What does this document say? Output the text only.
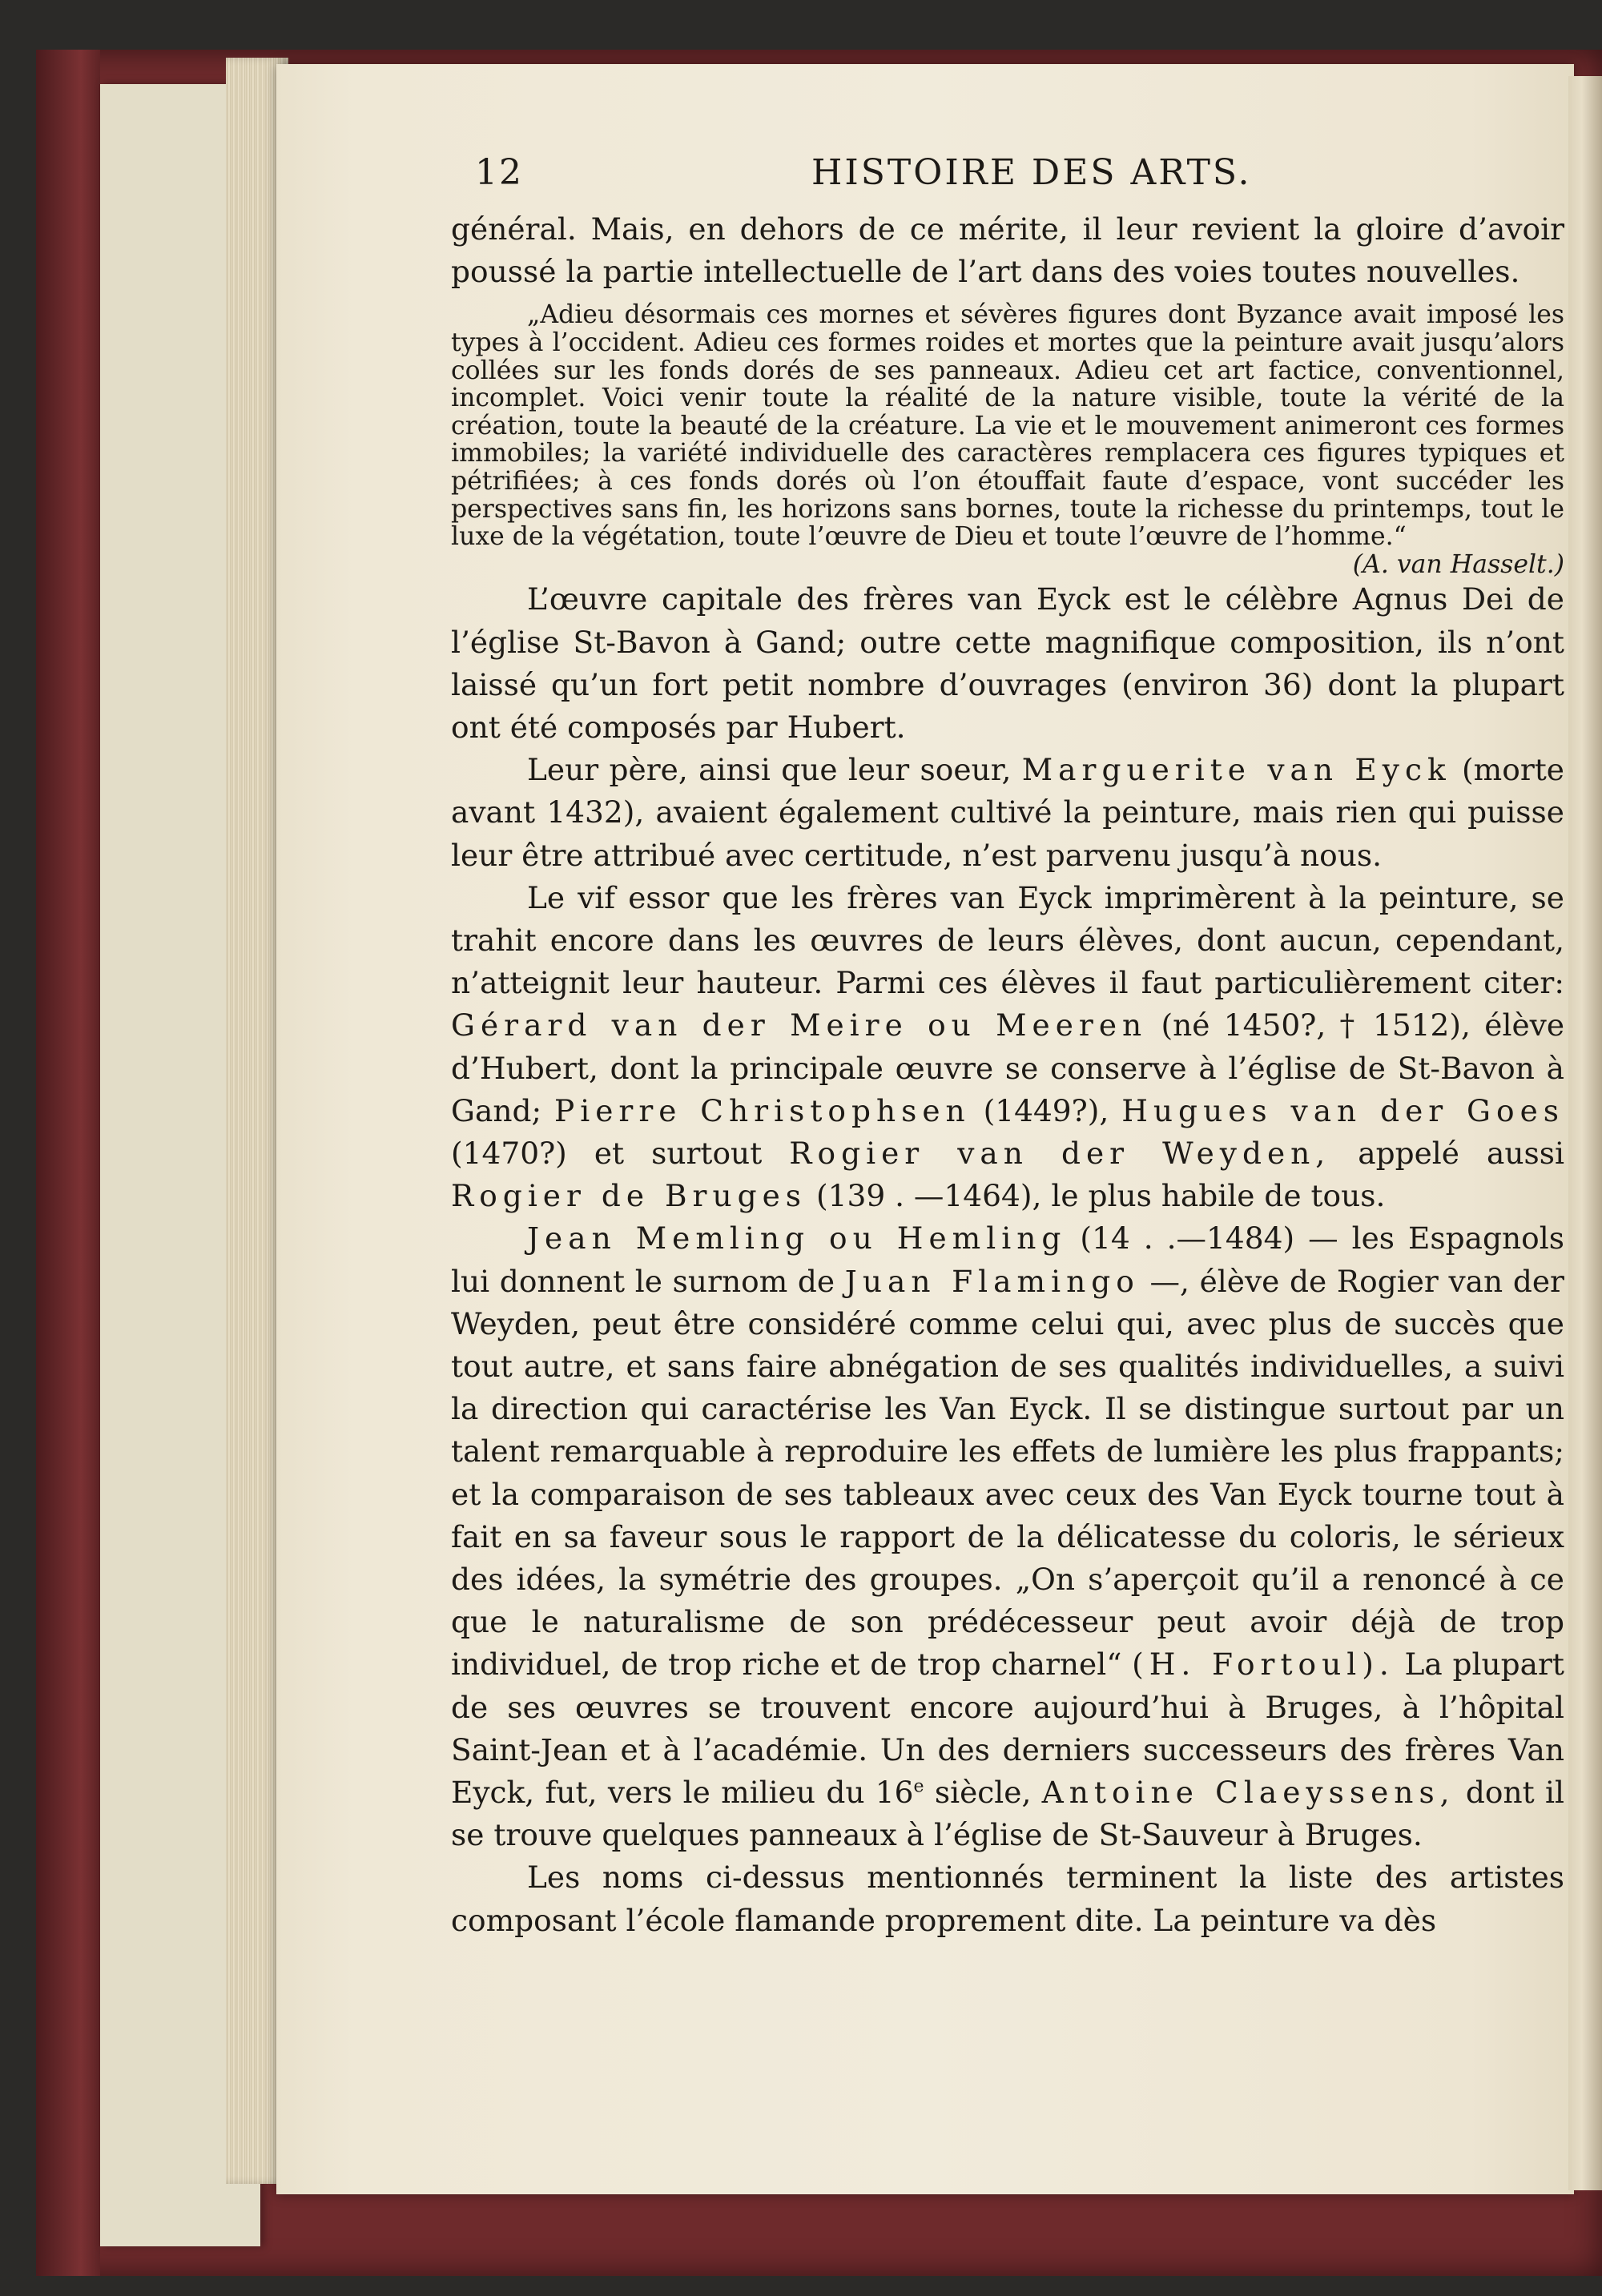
12	HISTOIRE DES ARTS.

général. Mais, en dehors de ce mérite, il leur revient la gloire d’avoir poussé la partie intellectuelle de l’art dans des voies toutes nouvelles.

„Adieu désormais ces mornes et sévères figures dont Byzance avait imposé les types à l’occident. Adieu ces formes roides et mortes que la peinture avait jusqu’alors collées sur les fonds dorés de ses panneaux. Adieu cet art factice, conventionnel, incomplet. Voici venir toute la réalité de la nature visible, toute la vérité de la création, toute la beauté de la créature. La vie et le mouvement animeront ces formes immobiles; la variété individuelle des caractères remplacera ces figures typiques et pétrifiées; à ces fonds dorés où l’on étouffait faute d’espace, vont succéder les perspectives sans fin, les horizons sans bornes, toute la richesse du printemps, tout le luxe de la végétation, toute l’œuvre de Dieu et toute l’œuvre de l’homme.“

(A. van Hasselt.)

L’œuvre capitale des frères van Eyck est le célèbre Agnus Dei de l’église St-Bavon à Gand; outre cette magnifique composition, ils n’ont laissé qu’un fort petit nombre d’ouvrages (environ 36) dont la plupart ont été composés par Hubert.

Leur père, ainsi que leur soeur, Marguerite van Eyck (morte avant 1432), avaient également cultivé la peinture, mais rien qui puisse leur être attribué avec certitude, n’est parvenu jusqu’à nous.

Le vif essor que les frères van Eyck imprimèrent à la peinture, se trahit encore dans les œuvres de leurs élèves, dont aucun, cependant, n’atteignit leur hauteur. Parmi ces élèves il faut particulièrement citer: Gérard van der Meire ou Meeren (né 1450?, † 1512), élève d’Hubert, dont la principale œuvre se conserve à l’église de St-Bavon à Gand; Pierre Christophsen (1449?), Hugues van der Goes (1470?) et surtout Rogier van der Weyden, appelé aussi Rogier de Bruges (139 . —1464), le plus habile de tous.

Jean Memling ou Hemling (14 . .—1484) — les Espagnols lui donnent le surnom de Juan Flamingo —, élève de Rogier van der Weyden, peut être considéré comme celui qui, avec plus de succès que tout autre, et sans faire abnégation de ses qualités individuelles, a suivi la direction qui caractérise les Van Eyck. Il se distingue surtout par un talent remarquable à reproduire les effets de lumière les plus frappants; et la comparaison de ses tableaux avec ceux des Van Eyck tourne tout à fait en sa faveur sous le rapport de la délicatesse du coloris, le sérieux des idées, la symétrie des groupes. „On s’aperçoit qu’il a renoncé à ce que le naturalisme de son prédécesseur peut avoir déjà de trop individuel, de trop riche et de trop charnel“ (H. Fortoul). La plupart de ses œuvres se trouvent encore aujourd’hui à Bruges, à l’hôpital Saint-Jean et à l’académie. Un des derniers successeurs des frères Van Eyck, fut, vers le milieu du 16e siècle, Antoine Claeyssens, dont il se trouve quelques panneaux à l’église de St-Sauveur à Bruges.

Les noms ci-dessus mentionnés terminent la liste des artistes composant l’école flamande proprement dite. La peinture va dès
